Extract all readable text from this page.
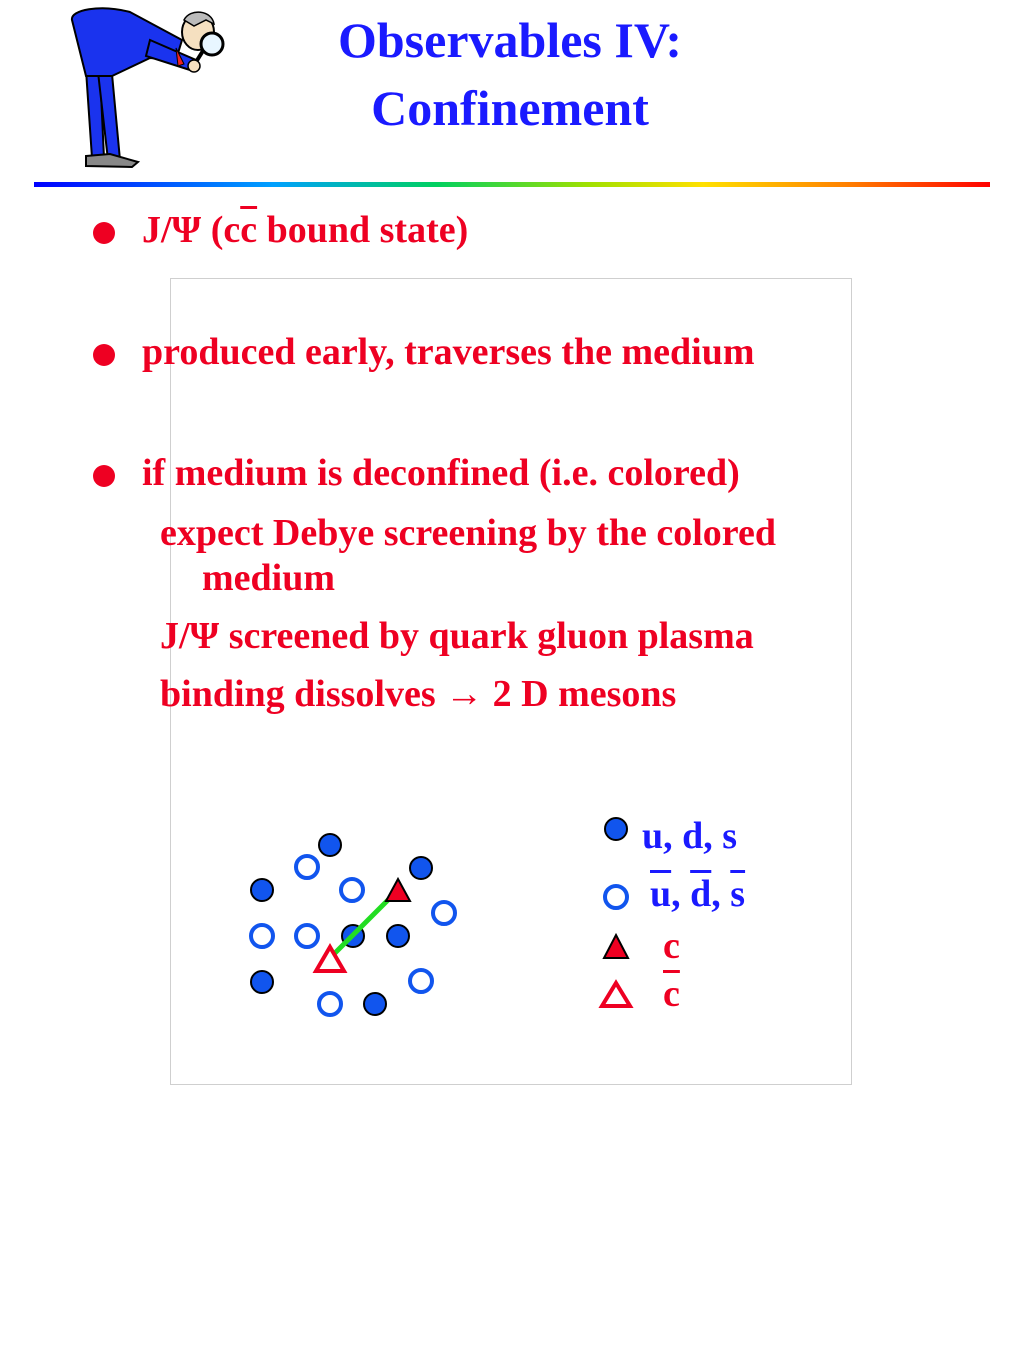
Observables IV:
Confinement
J/Ψ ($c\overline{c}$ bound state)
produced early, traverses the medium
if medium is deconfined (i.e. colored)
expect Debye screening by the colored
medium
J/Ψ screened by quark gluon plasma
binding dissolves → 2 D mesons
u, d, s
$\overline{u}$, $\overline{d}$, $\overline{s}$
c
$\overline{c}$
